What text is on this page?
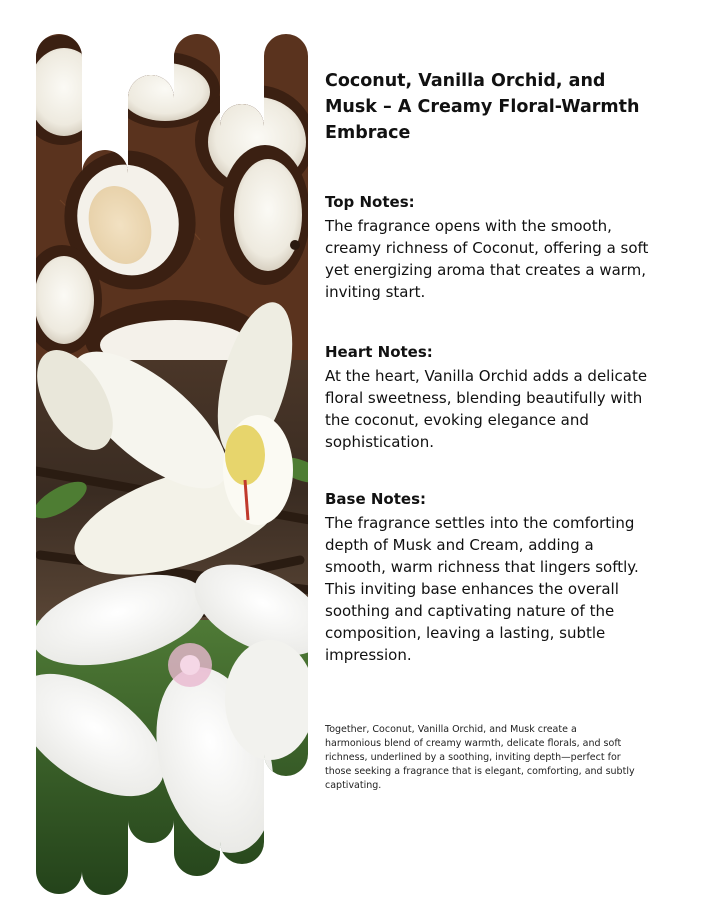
Coconut, Vanilla Orchid, and Musk – A Creamy Floral-Warmth Embrace
Top Notes:

The fragrance opens with the smooth, creamy richness of Coconut, offering a soft yet energizing aroma that creates a warm, inviting start.

Heart Notes:

At the heart, Vanilla Orchid adds a delicate floral sweetness, blending beautifully with the coconut, evoking elegance and sophistication.

Base Notes:

The fragrance settles into the comforting depth of Musk and Cream, adding a smooth, warm richness that lingers softly. This inviting base enhances the overall soothing and captivating nature of the composition, leaving a lasting, subtle impression.

Together, Coconut, Vanilla Orchid, and Musk create a harmonious blend of creamy warmth, delicate florals, and soft richness, underlined by a soothing, inviting depth—perfect for those seeking a fragrance that is elegant, comforting, and subtly captivating.
